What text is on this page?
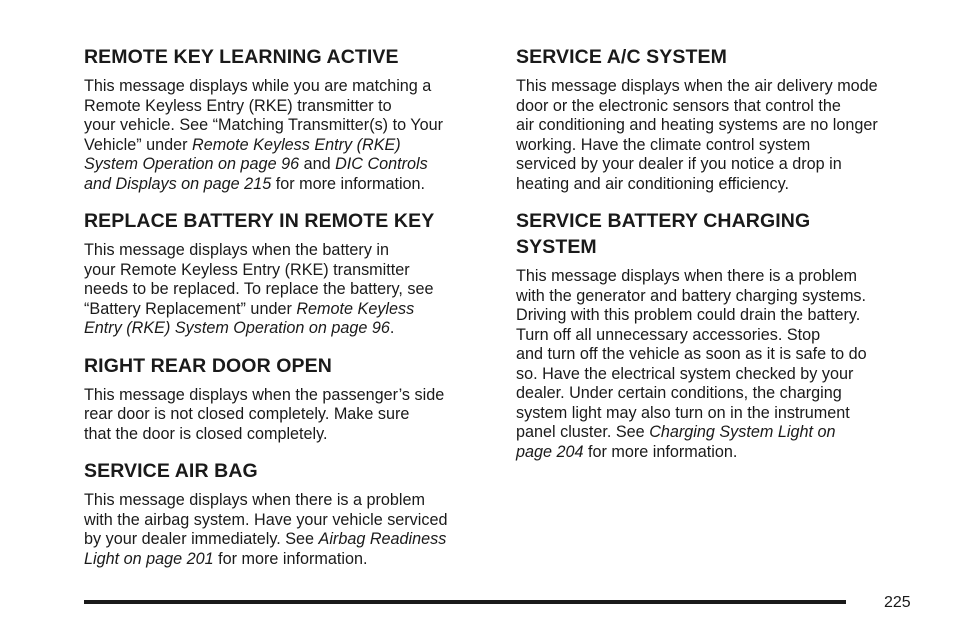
REMOTE KEY LEARNING ACTIVE

This message displays while you are matching a
Remote Keyless Entry (RKE) transmitter to
your vehicle. See “Matching Transmitter(s) to Your
Vehicle” under Remote Keyless Entry (RKE)
System Operation on page 96 and DIC Controls
and Displays on page 215 for more information.

REPLACE BATTERY IN REMOTE KEY

This message displays when the battery in
your Remote Keyless Entry (RKE) transmitter
needs to be replaced. To replace the battery, see
“Battery Replacement” under Remote Keyless
Entry (RKE) System Operation on page 96.

RIGHT REAR DOOR OPEN

This message displays when the passenger’s side
rear door is not closed completely. Make sure
that the door is closed completely.

SERVICE AIR BAG

This message displays when there is a problem
with the airbag system. Have your vehicle serviced
by your dealer immediately. See Airbag Readiness
Light on page 201 for more information.

SERVICE A/C SYSTEM

This message displays when the air delivery mode
door or the electronic sensors that control the
air conditioning and heating systems are no longer
working. Have the climate control system
serviced by your dealer if you notice a drop in
heating and air conditioning efficiency.

SERVICE BATTERY CHARGING
SYSTEM

This message displays when there is a problem
with the generator and battery charging systems.
Driving with this problem could drain the battery.
Turn off all unnecessary accessories. Stop
and turn off the vehicle as soon as it is safe to do
so. Have the electrical system checked by your
dealer. Under certain conditions, the charging
system light may also turn on in the instrument
panel cluster. See Charging System Light on
page 204 for more information.

225
